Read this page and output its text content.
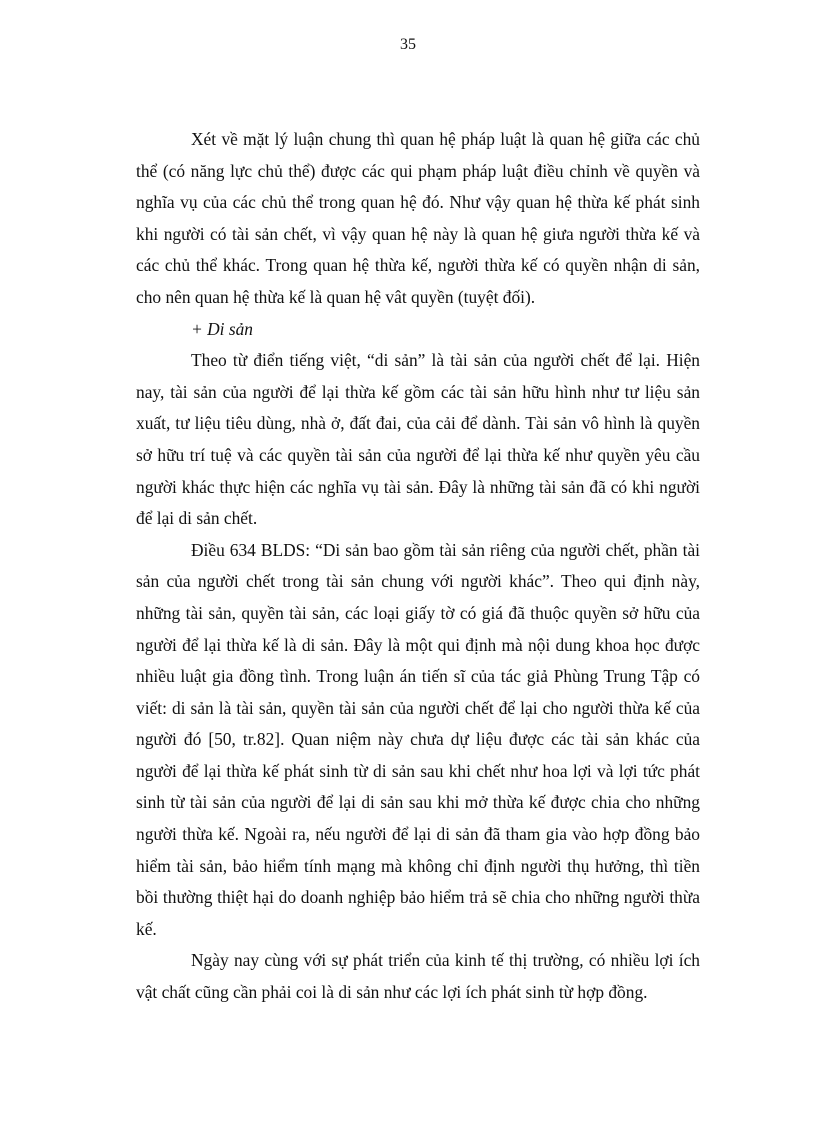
35

Xét về mặt lý luận chung thì quan hệ pháp luật là quan hệ giữa các chủ thể (có năng lực chủ thể) được các qui phạm pháp luật điều chỉnh về quyền và nghĩa vụ của các chủ thể trong quan hệ đó. Như vậy quan hệ thừa kế phát sinh khi người có tài sản chết, vì vậy quan hệ này là quan hệ giưa người thừa kế và các chủ thể khác. Trong quan hệ thừa kế, người thừa kế có quyền nhận di sản, cho nên quan hệ thừa kế là quan hệ vât quyền (tuyệt đối).

+ Di sản

Theo từ điển tiếng việt, “di sản” là tài sản của người chết để lại. Hiện nay, tài sản của người để lại thừa kế gồm các tài sản hữu hình như tư liệu sản xuất, tư liệu tiêu dùng, nhà ở, đất đai, của cải để dành. Tài sản vô hình là quyền sở hữu trí tuệ và các quyền tài sản của người để lại thừa kế như quyền yêu cầu người khác thực hiện các nghĩa vụ tài sản. Đây là những tài sản đã có khi người để lại di sản chết.

Điều 634 BLDS: “Di sản bao gồm tài sản riêng của người chết, phần tài sản của người chết trong tài sản chung với người khác”. Theo qui định này, những tài sản, quyền tài sản, các loại giấy tờ có giá đã thuộc quyền sở hữu của người để lại thừa kế là di sản. Đây là một qui định mà nội dung khoa học được nhiều luật gia đồng tình. Trong luận án tiến sĩ của tác giả Phùng Trung Tập có viết: di sản là tài sản, quyền tài sản của người chết để lại cho người thừa kế của người đó [50, tr.82]. Quan niệm này chưa dự liệu được các tài sản khác của người để lại thừa kế phát sinh từ di sản sau khi chết như hoa lợi và lợi tức phát sinh từ tài sản của người để lại di sản sau khi mở thừa kế được chia cho những người thừa kế. Ngoài ra, nếu người để lại di sản đã tham gia vào hợp đồng bảo hiểm tài sản, bảo hiểm tính mạng mà không chỉ định người thụ hưởng, thì tiền bồi thường thiệt hại do doanh nghiệp bảo hiểm trả sẽ chia cho những người thừa kế.

Ngày nay cùng với sự phát triển của kinh tế thị trường, có nhiều lợi ích vật chất cũng cần phải coi là di sản như các lợi ích phát sinh từ hợp đồng.
